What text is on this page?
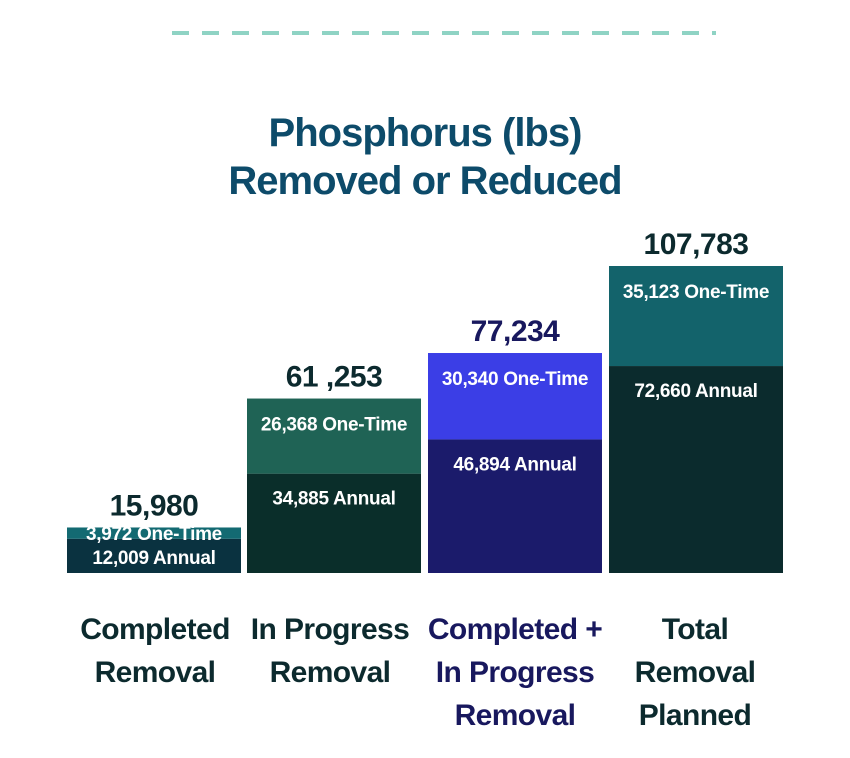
Phosphorus (lbs)
Removed or Reduced
3,972 One-Time
12,009 Annual
15,980
26,368 One-Time
34,885 Annual
61 ,253	30,340 One-Time
46,894 Annual
77,234
35,123 One-Time
72,660 Annual
107,783
Completed
Removal
In Progress
Removal
Completed +
In Progress
Removal
Total
Removal
Planned
